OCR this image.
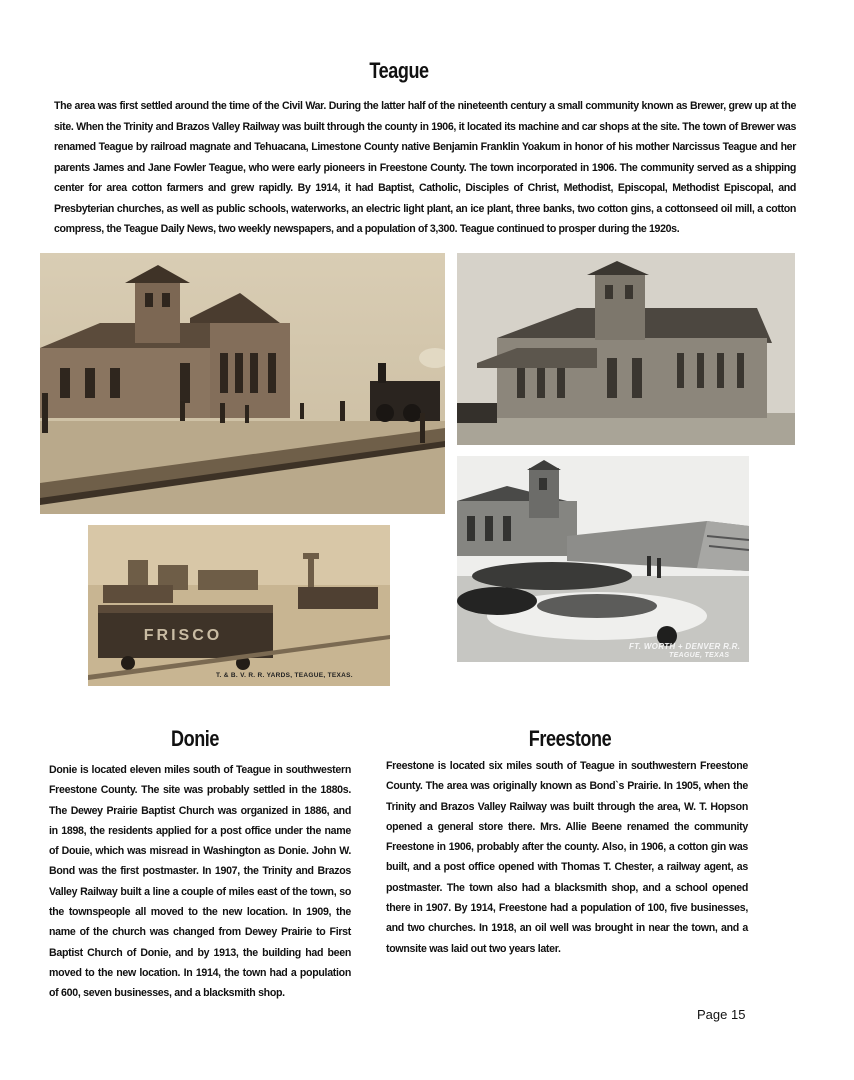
Teague

The area was first settled around the time of the Civil War. During the latter half of the nineteenth century a small community known as Brewer, grew up at the site. When the Trinity and Brazos Valley Railway was built through the county in 1906, it located its machine and car shops at the site. The town of Brewer was renamed Teague by railroad magnate and Tehuacana, Limestone County native Benjamin Franklin Yoakum in honor of his mother Narcissus Teague and her parents James and Jane Fowler Teague, who were early pioneers in Freestone County. The town incorporated in 1906. The community served as a shipping center for area cotton farmers and grew rapidly. By 1914, it had Baptist, Catholic, Disciples of Christ, Methodist, Episcopal, Methodist Episcopal, and Presbyterian churches, as well as public schools, waterworks, an electric light plant, an ice plant, three banks, two cotton gins, a cottonseed oil mill, a cotton compress, the Teague Daily News, two weekly newspapers, and a population of 3,300. Teague continued to prosper during the 1920s.

FRISCO
T. & B. V. R. R. YARDS, TEAGUE, TEXAS.
FT. WORTH + DENVER R.R.
TEAGUE, TEXAS
Donie

Donie is located eleven miles south of Teague in southwestern Freestone County. The site was probably settled in the 1880s. The Dewey Prairie Baptist Church was organized in 1886, and in 1898, the residents applied for a post office under the name of Douie, which was misread in Washington as Donie. John W. Bond was the first postmaster. In 1907, the Trinity and Brazos Valley Railway built a line a couple of miles east of the town, so the townspeople all moved to the new location. In 1909, the name of the church was changed from Dewey Prairie to First Baptist Church of Donie, and by 1913, the building had been moved to the new location. In 1914, the town had a population of 600, seven businesses, and a blacksmith shop.

Freestone

Freestone is located six miles south of Teague in southwestern Freestone County. The area was originally known as Bond`s Prairie. In 1905, when the Trinity and Brazos Valley Railway was built through the area, W. T. Hopson opened a general store there. Mrs. Allie Beene renamed the community Freestone in 1906, probably after the county. Also, in 1906, a cotton gin was built, and a post office opened with Thomas T. Chester, a railway agent, as postmaster. The town also had a blacksmith shop, and a school opened there in 1907. By 1914, Freestone had a population of 100, five businesses, and two churches. In 1918, an oil well was brought in near the town, and a townsite was laid out two years later.

Page 15
